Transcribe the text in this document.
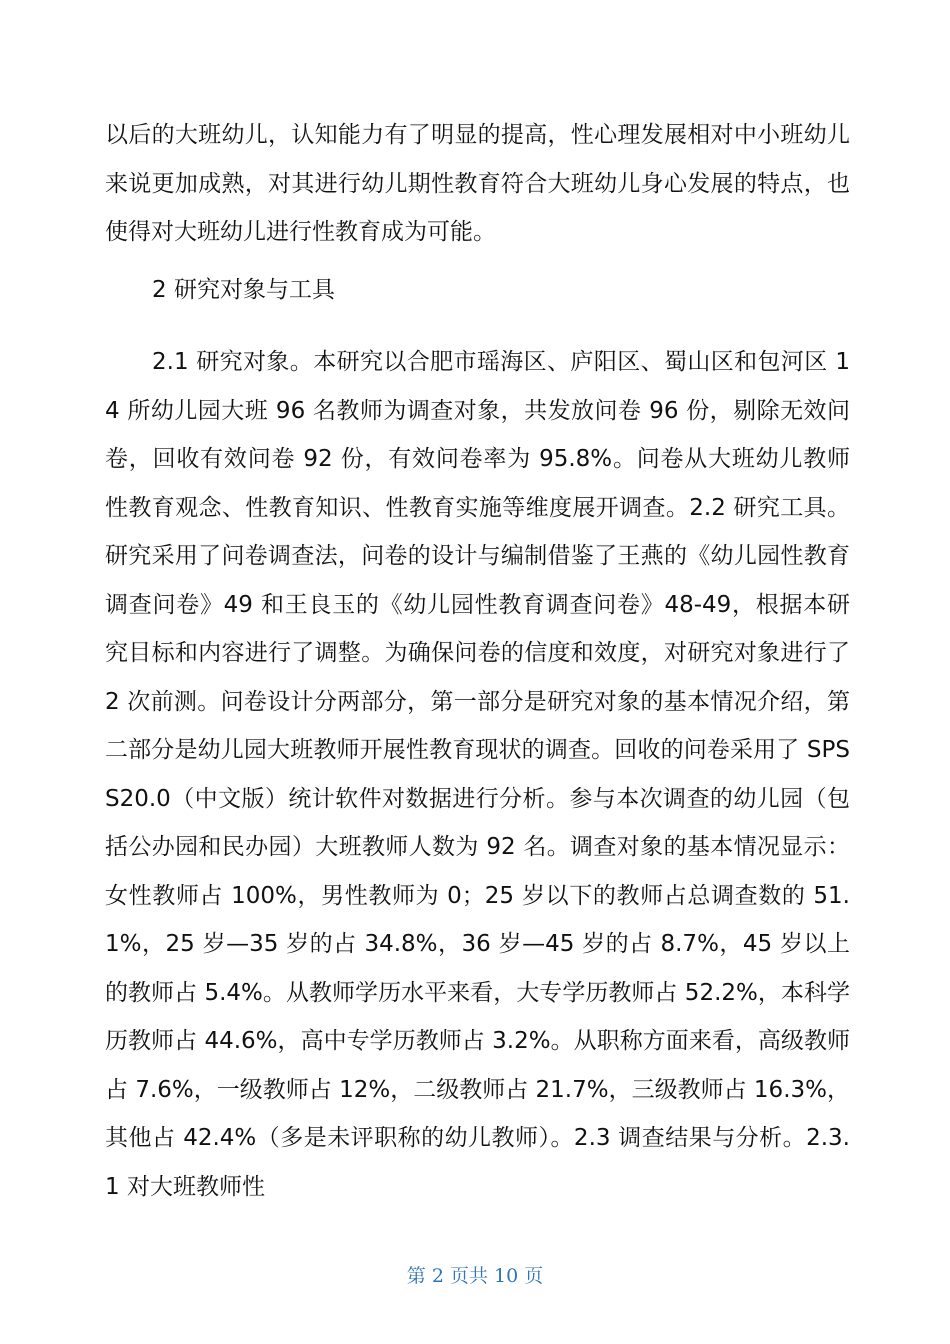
以后的大班幼儿，认知能力有了明显的提高，性心理发展相对中小班幼儿来说更加成熟，对其进行幼儿期性教育符合大班幼儿身心发展的特点，也使得对大班幼儿进行性教育成为可能。

2 研究对象与工具

2.1 研究对象。本研究以合肥市瑶海区、庐阳区、蜀山区和包河区 14 所幼儿园大班 96 名教师为调查对象，共发放问卷 96 份，剔除无效问卷，回收有效问卷 92 份，有效问卷率为 95.8%。问卷从大班幼儿教师性教育观念、性教育知识、性教育实施等维度展开调查。2.2 研究工具。研究采用了问卷调查法，问卷的设计与编制借鉴了王燕的《幼儿园性教育调查问卷》49 和王良玉的《幼儿园性教育调查问卷》48-49，根据本研究目标和内容进行了调整。为确保问卷的信度和效度，对研究对象进行了 2 次前测。问卷设计分两部分，第一部分是研究对象的基本情况介绍，第二部分是幼儿园大班教师开展性教育现状的调查。回收的问卷采用了 SPSS20.0（中文版）统计软件对数据进行分析。参与本次调查的幼儿园（包括公办园和民办园）大班教师人数为 92 名。调查对象的基本情况显示：女性教师占 100%，男性教师为 0；25 岁以下的教师占总调查数的 51.1%，25 岁—35 岁的占 34.8%，36 岁—45 岁的占 8.7%，45 岁以上的教师占 5.4%。从教师学历水平来看，大专学历教师占 52.2%，本科学历教师占 44.6%，高中专学历教师占 3.2%。从职称方面来看，高级教师占 7.6%，一级教师占 12%，二级教师占 21.7%，三级教师占 16.3%，其他占 42.4%（多是未评职称的幼儿教师）。2.3 调查结果与分析。2.3.1 对大班教师性

第 2 页共 10 页
